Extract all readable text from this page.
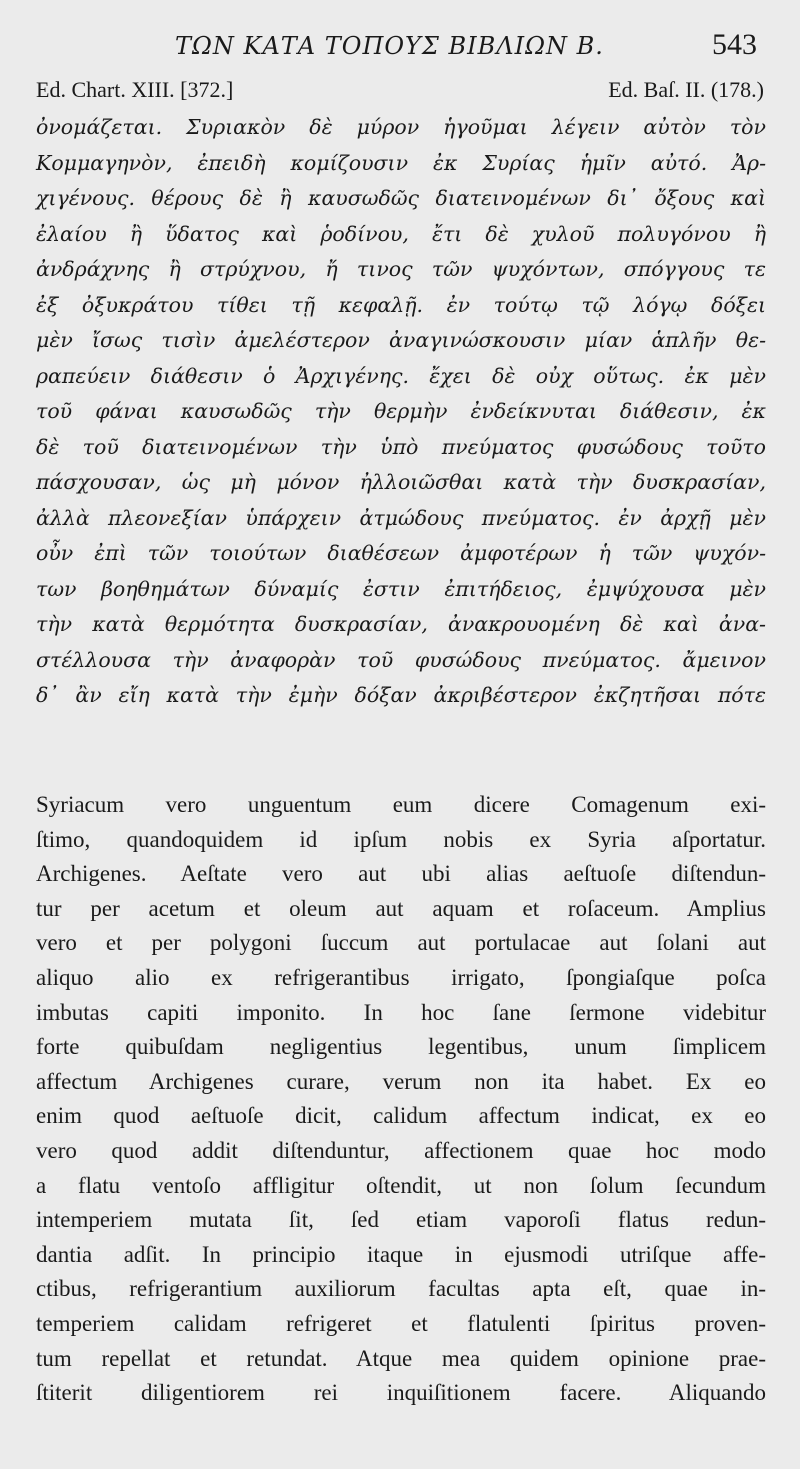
ΤΩΝ ΚΑΤΑ ΤΟΠΟΥΣ ΒΙΒΛΙΩΝ Β.	543
Ed. Chart. XIII. [372.]	Ed. Baſ. II. (178.)
ὀνομάζεται. Συριακὸν δὲ μύρον ἡγοῦμαι λέγειν αὐτὸν τὸν
Κομμαγηνὸν, ἐπειδὴ κομίζουσιν ἐκ Συρίας ἡμῖν αὐτό. Ἀρ-
χιγένους. θέρους δὲ ἢ καυσωδῶς διατεινομένων δι᾽ ὄξους καὶ
ἐλαίου ἢ ὕδατος καὶ ῥοδίνου, ἔτι δὲ χυλοῦ πολυγόνου ἢ
ἀνδράχνης ἢ στρύχνου, ἤ τινος τῶν ψυχόντων, σπόγγους τε
ἐξ ὀξυκράτου τίθει τῇ κεφαλῇ. ἐν τούτῳ τῷ λόγῳ δόξει
μὲν ἴσως τισὶν ἀμελέστερον ἀναγινώσκουσιν μίαν ἁπλῆν θε-
ραπεύειν διάθεσιν ὁ Ἀρχιγένης. ἔχει δὲ οὐχ οὕτως. ἐκ μὲν
τοῦ φάναι καυσωδῶς τὴν θερμὴν ἐνδείκνυται διάθεσιν, ἐκ
δὲ τοῦ διατεινομένων τὴν ὑπὸ πνεύματος φυσώδους τοῦτο
πάσχουσαν, ὡς μὴ μόνον ἠλλοιῶσθαι κατὰ τὴν δυσκρασίαν,
ἀλλὰ πλεονεξίαν ὑπάρχειν ἀτμώδους πνεύματος. ἐν ἀρχῇ μὲν
οὖν ἐπὶ τῶν τοιούτων διαθέσεων ἀμφοτέρων ἡ τῶν ψυχόν-
των βοηθημάτων δύναμίς ἐστιν ἐπιτήδειος, ἐμψύχουσα μὲν
τὴν κατὰ θερμότητα δυσκρασίαν, ἀνακρουομένη δὲ καὶ ἀνα-
στέλλουσα τὴν ἀναφορὰν τοῦ φυσώδους πνεύματος. ἄμεινον
δ᾽ ἂν εἴη κατὰ τὴν ἐμὴν δόξαν ἀκριβέστερον ἐκζητῆσαι πότε
Syriacum vero unguentum eum dicere Comagenum exi-
ſtimo, quandoquidem id ipſum nobis ex Syria aſportatur.
Archigenes. Aeſtate vero aut ubi alias aeſtuoſe diſtendun-
tur per acetum et oleum aut aquam et roſaceum. Amplius
vero et per polygoni ſuccum aut portulacae aut ſolani aut
aliquo alio ex refrigerantibus irrigato, ſpongiaſque poſca
imbutas capiti imponito. In hoc ſane ſermone videbitur
forte quibuſdam negligentius legentibus, unum ſimplicem
affectum Archigenes curare, verum non ita habet. Ex eo
enim quod aeſtuoſe dicit, calidum affectum indicat, ex eo
vero quod addit diſtenduntur, affectionem quae hoc modo
a flatu ventoſo affligitur oſtendit, ut non ſolum ſecundum
intemperiem mutata ſit, ſed etiam vaporoſi flatus redun-
dantia adſit. In principio itaque in ejusmodi utriſque affe-
ctibus, refrigerantium auxiliorum facultas apta eſt, quae in-
temperiem calidam refrigeret et flatulenti ſpiritus proven-
tum repellat et retundat. Atque mea quidem opinione prae-
ſtiterit diligentiorem rei inquiſitionem facere. Aliquando
